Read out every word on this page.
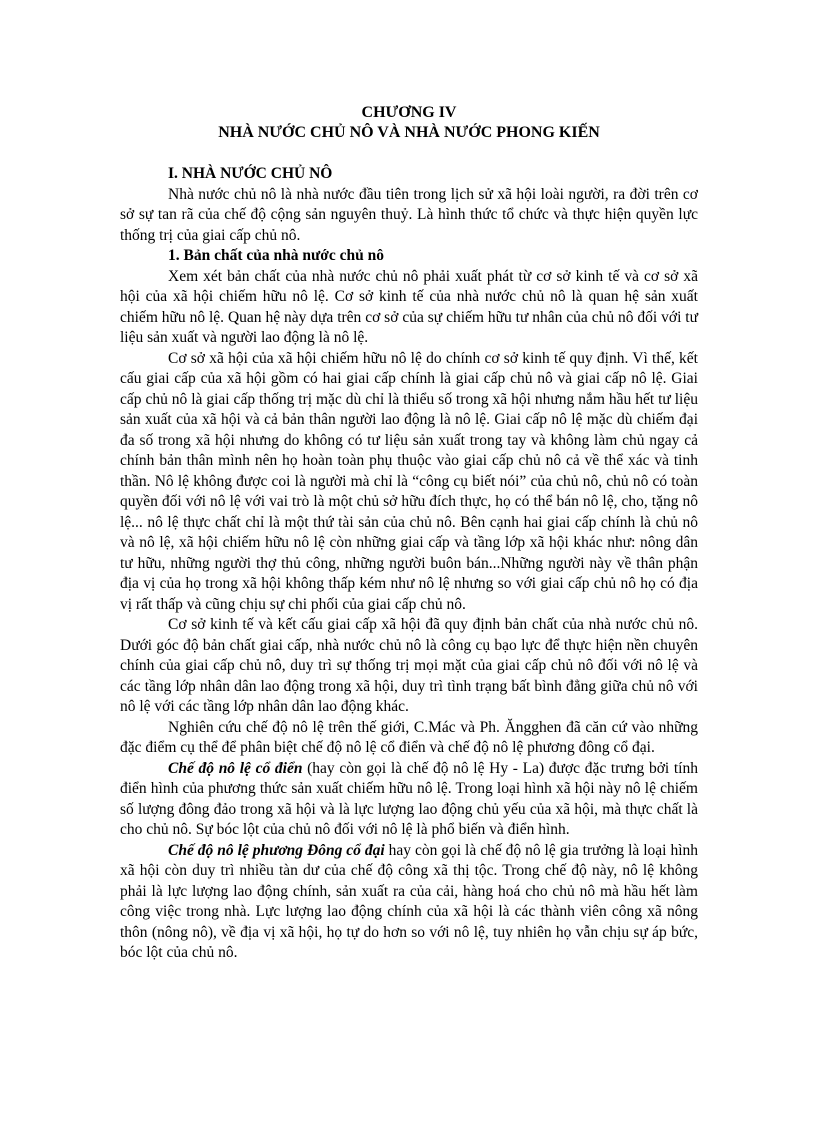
CHƯƠNG IV
NHÀ NƯỚC CHỦ NÔ VÀ NHÀ NƯỚC PHONG KIẾN
I. NHÀ NƯỚC CHỦ NÔ

Nhà nước chủ nô là nhà nước đầu tiên trong lịch sử xã hội loài người, ra đời trên cơ sở sự tan rã của chế độ cộng sản nguyên thuỷ. Là hình thức tổ chức và thực hiện quyền lực thống trị của giai cấp chủ nô.

1. Bản chất của nhà nước chủ nô

Xem xét bản chất của nhà nước chủ nô phải xuất phát từ cơ sở kinh tế và cơ sở xã hội của xã hội chiếm hữu nô lệ. Cơ sở kinh tế của nhà nước chủ nô là quan hệ sản xuất chiếm hữu nô lệ. Quan hệ này dựa trên cơ sở của sự chiếm hữu tư nhân của chủ nô đối với tư liệu sản xuất và người lao động là nô lệ.

Cơ sở xã hội của xã hội chiếm hữu nô lệ do chính cơ sở kinh tế quy định. Vì thế, kết cấu giai cấp của xã hội gồm có hai giai cấp chính là giai cấp chủ nô và giai cấp nô lệ. Giai cấp chủ nô là giai cấp thống trị mặc dù chỉ là thiểu số trong xã hội nhưng nắm hầu hết tư liệu sản xuất của xã hội và cả bản thân người lao động là nô lệ. Giai cấp nô lệ mặc dù chiếm đại đa số trong xã hội nhưng do không có tư liệu sản xuất trong tay và không làm chủ ngay cả chính bản thân mình nên họ hoàn toàn phụ thuộc vào giai cấp chủ nô cả về thể xác và tinh thần. Nô lệ không được coi là người mà chỉ là “công cụ biết nói” của chủ nô, chủ nô có toàn quyền đối với nô lệ với vai trò là một chủ sở hữu đích thực, họ có thể bán nô lệ, cho, tặng nô lệ... nô lệ thực chất chỉ là một thứ tài sản của chủ nô. Bên cạnh hai giai cấp chính là chủ nô và nô lệ, xã hội chiếm hữu nô lệ còn những giai cấp và tầng lớp xã hội khác như: nông dân tư hữu, những người thợ thủ công, những người buôn bán...Những người này về thân phận địa vị của họ trong xã hội không thấp kém như nô lệ nhưng so với giai cấp chủ nô họ có địa vị rất thấp và cũng chịu sự chi phối của giai cấp chủ nô.

Cơ sở kinh tế và kết cấu giai cấp xã hội đã quy định bản chất của nhà nước chủ nô. Dưới góc độ bản chất giai cấp, nhà nước chủ nô là công cụ bạo lực để thực hiện nền chuyên chính của giai cấp chủ nô, duy trì sự thống trị mọi mặt của giai cấp chủ nô đối với nô lệ và các tầng lớp nhân dân lao động trong xã hội, duy trì tình trạng bất bình đẳng giữa chủ nô với nô lệ với các tầng lớp nhân dân lao động khác.

Nghiên cứu chế độ nô lệ trên thế giới, C.Mác và Ph. Ăngghen đã căn cứ vào những đặc điểm cụ thể để phân biệt chế độ nô lệ cổ điển và chế độ nô lệ phương đông cổ đại.

Chế độ nô lệ cổ điển (hay còn gọi là chế độ nô lệ Hy - La) được đặc trưng bởi tính điển hình của phương thức sản xuất chiếm hữu nô lệ. Trong loại hình xã hội này nô lệ chiếm số lượng đông đảo trong xã hội và là lực lượng lao động chủ yếu của xã hội, mà thực chất là cho chủ nô. Sự bóc lột của chủ nô đối với nô lệ là phổ biến và điển hình.

Chế độ nô lệ phương Đông cổ đại hay còn gọi là chế độ nô lệ gia trưởng là loại hình xã hội còn duy trì nhiều tàn dư của chế độ công xã thị tộc. Trong chế độ này, nô lệ không phải là lực lượng lao động chính, sản xuất ra của cải, hàng hoá cho chủ nô mà hầu hết làm công việc trong nhà. Lực lượng lao động chính của xã hội là các thành viên công xã nông thôn (nông nô), về địa vị xã hội, họ tự do hơn so với nô lệ, tuy nhiên họ vẫn chịu sự áp bức, bóc lột của chủ nô.
